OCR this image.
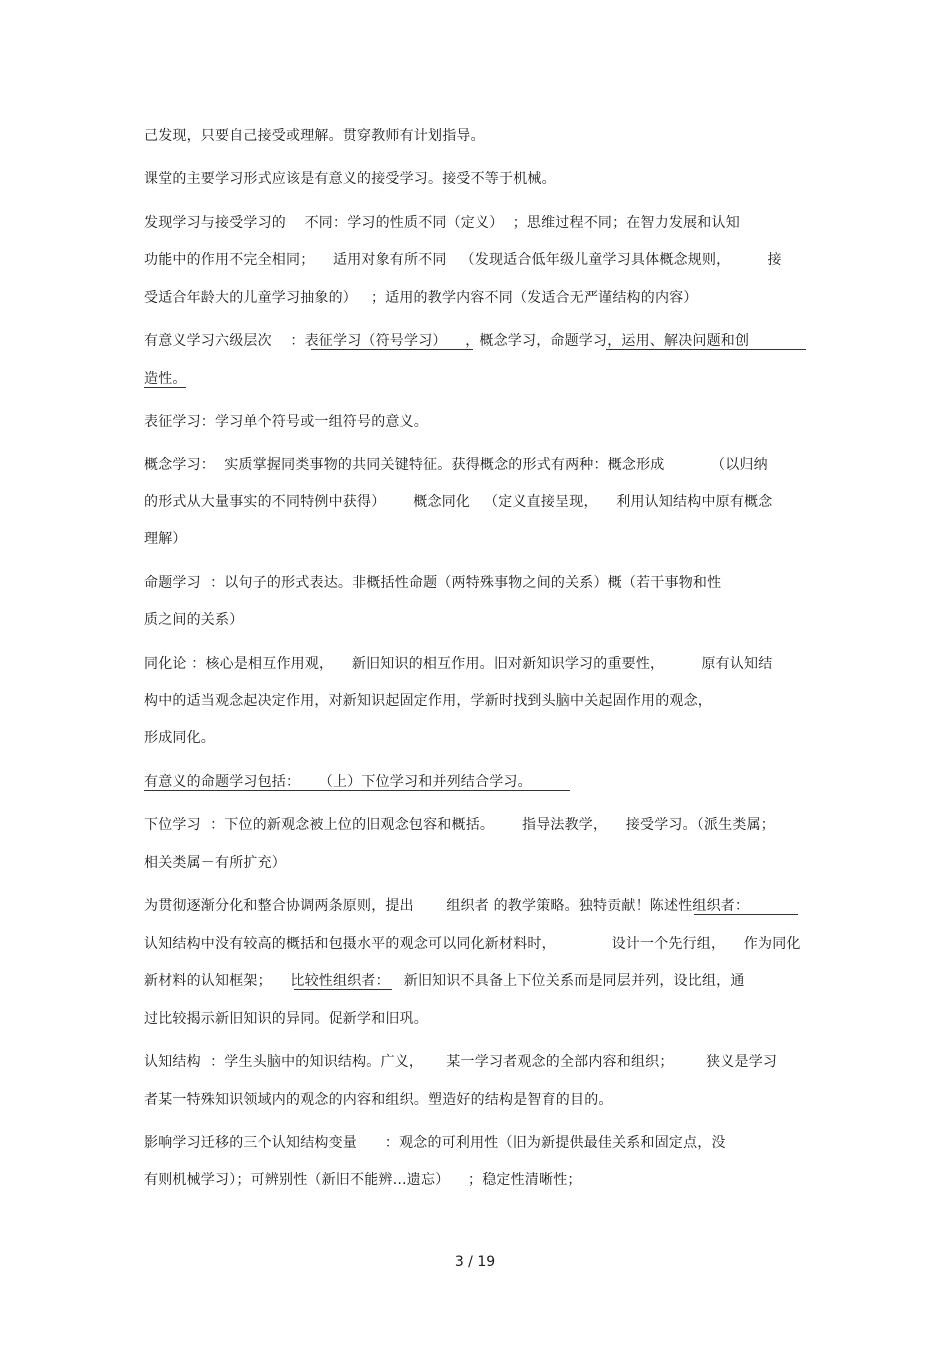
己发现，只要自己接受或理解。贯穿教师有计划指导。
课堂的主要学习形式应该是有意义的接受学习。接受不等于机械。
发现学习与接受学习的    不同：学习的性质不同（定义）  ；思维过程不同；在智力发展和认知
功能中的作用不完全相同；    适用对象有所不同   （发现适合低年级儿童学习具体概念规则，        接
受适合年龄大的儿童学习抽象的）   ；适用的教学内容不同（发适合无严谨结构的内容）
有意义学习六级层次    ：表征学习（符号学习）    ，概念学习，命题学习，运用、解决问题和创
造性。
表征学习：学习单个符号或一组符号的意义。
概念学习：  实质掌握同类事物的共同关键特征。获得概念的形式有两种：概念形成          （以归纳
的形式从大量事实的不同特例中获得）      概念同化   （定义直接呈现，    利用认知结构中原有概念
理解）
命题学习  ：以句子的形式表达。非概括性命题（两特殊事物之间的关系）概（若干事物和性
质之间的关系）
同化论 ：核心是相互作用观，    新旧知识的相互作用。旧对新知识学习的重要性，        原有认知结
构中的适当观念起决定作用，对新知识起固定作用，学新时找到头脑中关起固作用的观念，
形成同化。
有意义的命题学习包括：    （上）下位学习和并列结合学习。
下位学习  ：下位的新观念被上位的旧观念包容和概括。      指导法教学，    接受学习。（派生类属；
相关类属－有所扩充）
为贯彻逐渐分化和整合协调两条原则，提出       组织者 的教学策略。独特贡献！陈述性组织者：
认知结构中没有较高的概括和包摄水平的观念可以同化新材料时，            设计一个先行组，    作为同化
新材料的认知框架；    比较性组织者：   新旧知识不具备上下位关系而是同层并列，设比组，通
过比较揭示新旧知识的异同。促新学和旧巩。
认知结构  ：学生头脑中的知识结构。广义，     某一学习者观念的全部内容和组织；       狭义是学习
者某一特殊知识领域内的观念的内容和组织。塑造好的结构是智育的目的。
影响学习迁移的三个认知结构变量      ：观念的可利用性（旧为新提供最佳关系和固定点，没
有则机械学习）；可辨别性（新旧不能辨…遗忘）    ；稳定性清晰性；
3 / 19
